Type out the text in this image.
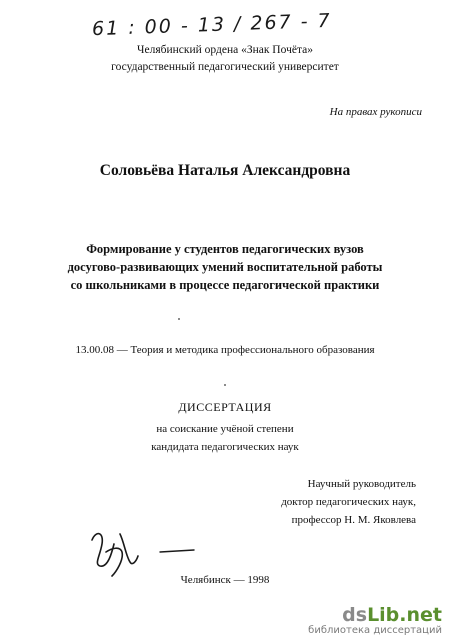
61 : 00 - 13 / 267 - 7
Челябинский ордена «Знак Почёта»
государственный педагогический университет
На правах рукописи
Соловьёва Наталья Александровна
Формирование у студентов педагогических вузов
досугово-развивающих умений воспитательной работы
со школьниками в процессе педагогической практики
13.00.08 — Теория и методика профессионального образования
ДИССЕРТАЦИЯ
на соискание учёной степени
кандидата педагогических наук
Научный руководитель
доктор педагогических наук,
профессор Н. М. Яковлева
Челябинск — 1998
dsLib.net
библиотека диссертаций
